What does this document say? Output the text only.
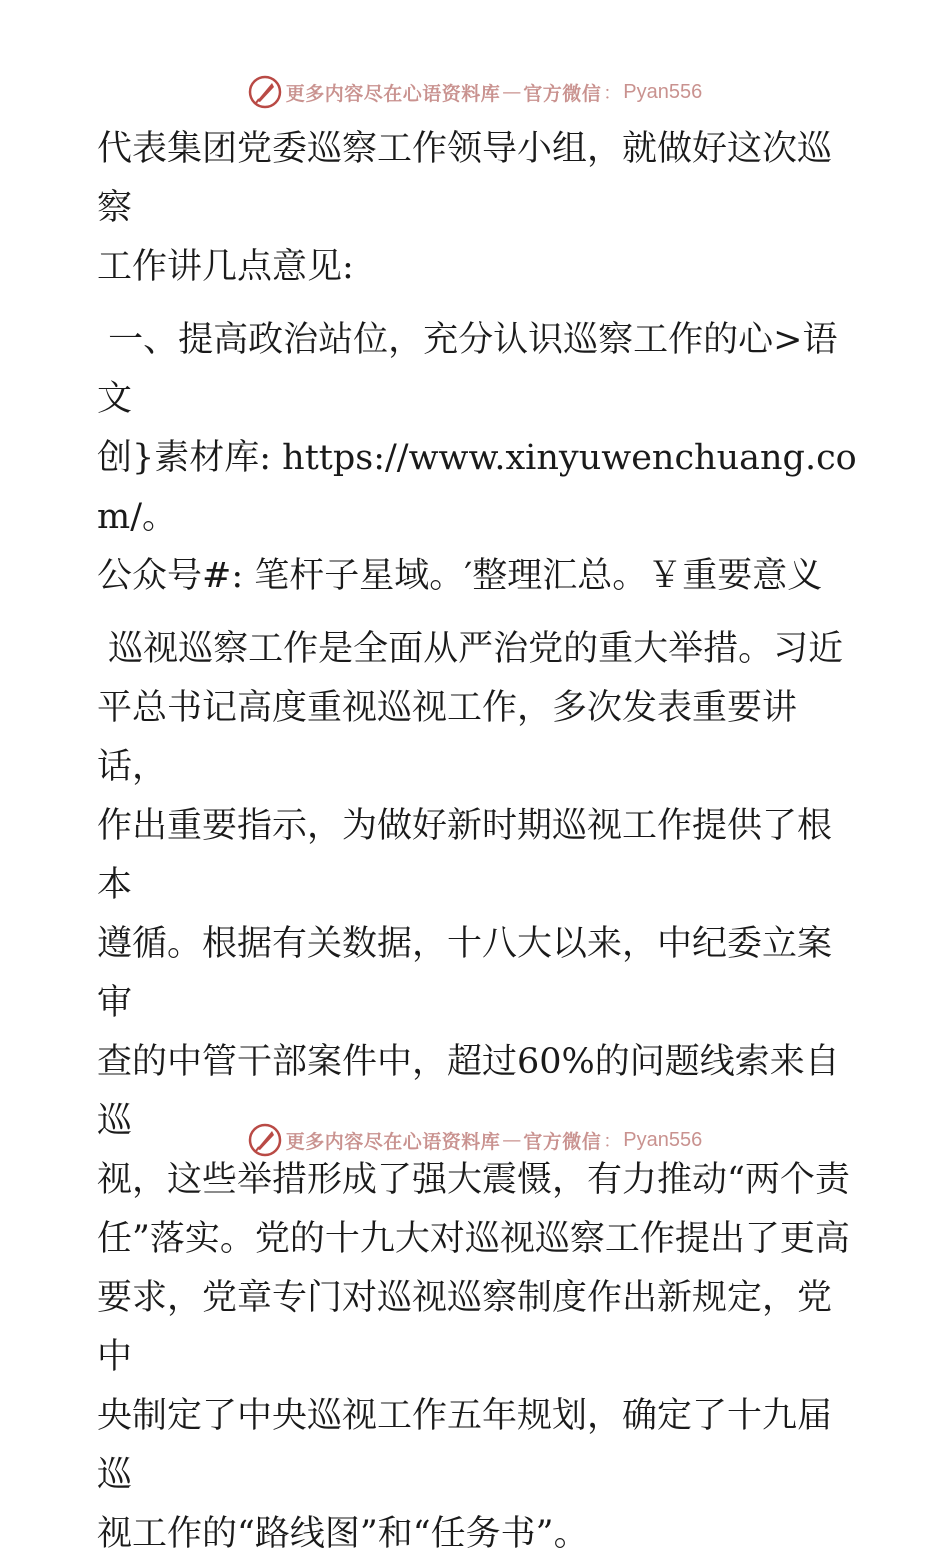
更多内容尽在心语资料库 — 官方微信 ： Pyan556

代表集团党委巡察工作领导小组，就做好这次巡察

工作讲几点意见:

一、提高政治站位，充分认识巡察工作的心>语文

创}素材库: https://www.xinyuwenchuang.com/。

公众号#: 笔杆子星域。′整理汇总。￥重要意义

巡视巡察工作是全面从严治党的重大举措。习近

平总书记高度重视巡视工作，多次发表重要讲话，

作出重要指示，为做好新时期巡视工作提供了根本

遵循。根据有关数据，十八大以来，中纪委立案审

查的中管干部案件中，超过60%的问题线索来自巡

视，这些举措形成了强大震慑，有力推动“两个责

任”落实。党的十九大对巡视巡察工作提出了更高

要求，党章专门对巡视巡察制度作出新规定，党中

央制定了中央巡视工作五年规划，确定了十九届巡

视工作的“路线图”和“任务书”。

更多内容尽在心语资料库 — 官方微信 ： Pyan556
